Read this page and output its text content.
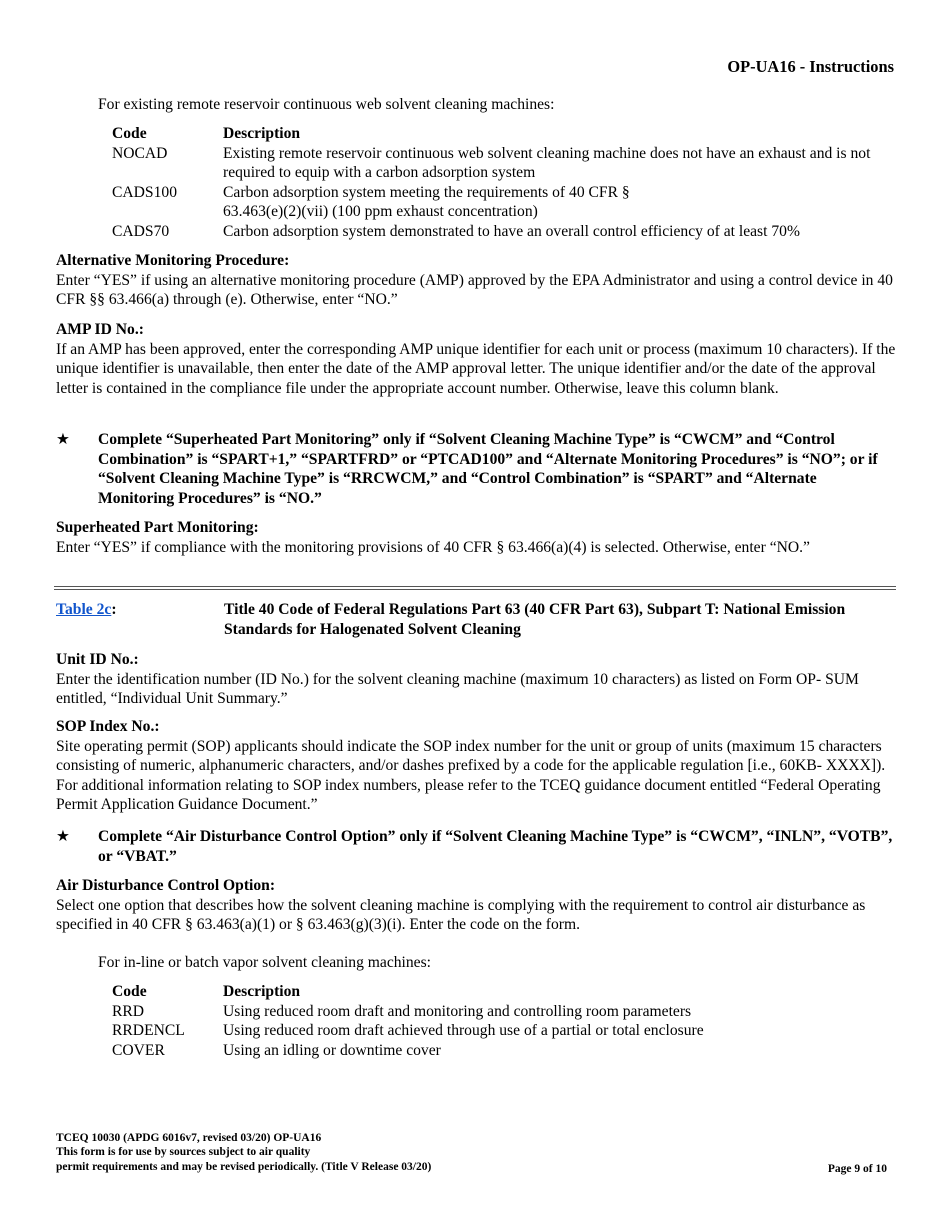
OP-UA16 - Instructions

For existing remote reservoir continuous web solvent cleaning machines:

Code	Description
NOCAD	Existing remote reservoir continuous web solvent cleaning machine does not have an exhaust and is not required to equip with a carbon adsorption system
CADS100	Carbon adsorption system meeting the requirements of 40 CFR § 63.463(e)(2)(vii) (100 ppm exhaust concentration)
CADS70	Carbon adsorption system demonstrated to have an overall control efficiency of at least 70%

Alternative Monitoring Procedure:

Enter “YES” if using an alternative monitoring procedure (AMP) approved by the EPA Administrator and using a control device in 40 CFR §§ 63.466(a) through (e). Otherwise, enter “NO.”

AMP ID No.:

If an AMP has been approved, enter the corresponding AMP unique identifier for each unit or process (maximum 10 characters). If the unique identifier is unavailable, then enter the date of the AMP approval letter. The unique identifier and/or the date of the approval letter is contained in the compliance file under the appropriate account number. Otherwise, leave this column blank.

★ Complete “Superheated Part Monitoring” only if “Solvent Cleaning Machine Type” is “CWCM” and “Control Combination” is “SPART+1,” “SPARTFRD” or “PTCAD100” and “Alternate Monitoring Procedures” is “NO”; or if “Solvent Cleaning Machine Type” is “RRCWCM,” and “Control Combination” is “SPART” and “Alternate Monitoring Procedures” is “NO.”

Superheated Part Monitoring:

Enter “YES” if compliance with the monitoring provisions of 40 CFR § 63.466(a)(4) is selected. Otherwise, enter “NO.”

Table 2c:	Title 40 Code of Federal Regulations Part 63 (40 CFR Part 63), Subpart T: National Emission Standards for Halogenated Solvent Cleaning

Unit ID No.:

Enter the identification number (ID No.) for the solvent cleaning machine (maximum 10 characters) as listed on Form OP- SUM entitled, “Individual Unit Summary.”

SOP Index No.:

Site operating permit (SOP) applicants should indicate the SOP index number for the unit or group of units (maximum 15 characters consisting of numeric, alphanumeric characters, and/or dashes prefixed by a code for the applicable regulation [i.e., 60KB- XXXX]). For additional information relating to SOP index numbers, please refer to the TCEQ guidance document entitled “Federal Operating Permit Application Guidance Document.”

★ Complete “Air Disturbance Control Option” only if “Solvent Cleaning Machine Type” is “CWCM”, “INLN”, “VOTB”, or “VBAT.”

Air Disturbance Control Option:

Select one option that describes how the solvent cleaning machine is complying with the requirement to control air disturbance as specified in 40 CFR § 63.463(a)(1) or § 63.463(g)(3)(i). Enter the code on the form.

For in-line or batch vapor solvent cleaning machines:

Code	Description
RRD	Using reduced room draft and monitoring and controlling room parameters
RRDENCL	Using reduced room draft achieved through use of a partial or total enclosure
COVER	Using an idling or downtime cover
TCEQ 10030 (APDG 6016v7, revised 03/20) OP-UA16
This form is for use by sources subject to air quality
permit requirements and may be revised periodically. (Title V Release 03/20)	Page 9 of 10
